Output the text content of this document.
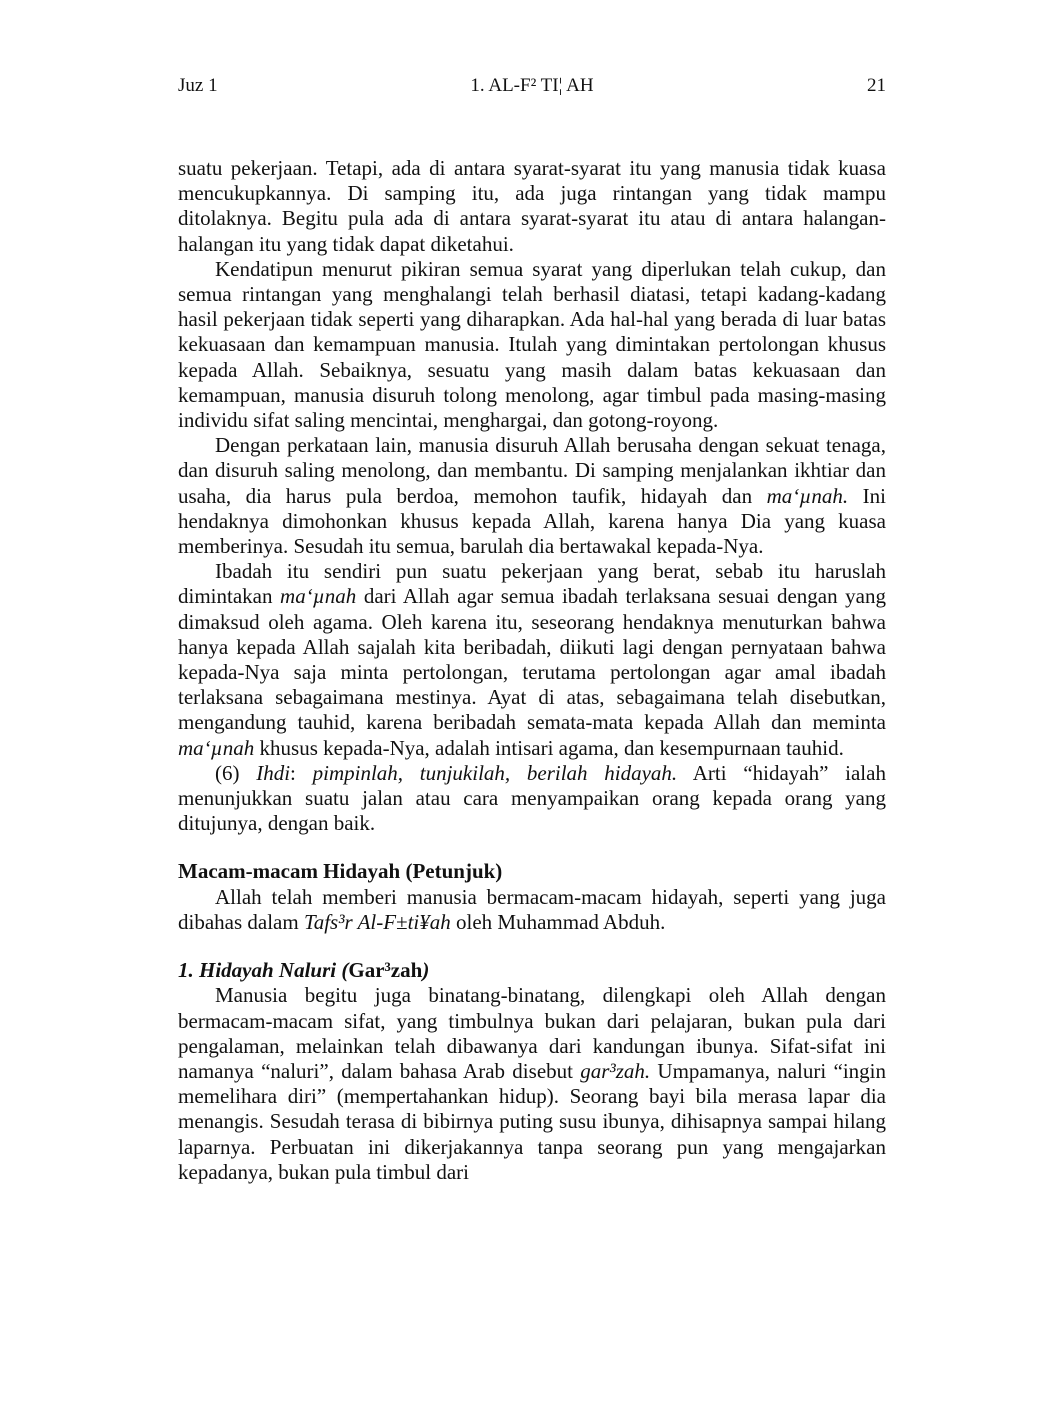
Juz 1	1. AL-F² TI¦ AH	21

suatu pekerjaan. Tetapi, ada di antara syarat-syarat itu yang manusia tidak kuasa mencukupkannya. Di samping itu, ada juga rintangan yang tidak mampu ditolaknya. Begitu pula ada di antara syarat-syarat itu atau di antara halangan-halangan itu yang tidak dapat diketahui.

Kendatipun menurut pikiran semua syarat yang diperlukan telah cukup, dan semua rintangan yang menghalangi telah berhasil diatasi, tetapi kadang-kadang hasil pekerjaan tidak seperti yang diharapkan. Ada hal-hal yang berada di luar batas kekuasaan dan kemampuan manusia. Itulah yang dimintakan pertolongan khusus kepada Allah. Sebaiknya, sesuatu yang masih dalam batas kekuasaan dan kemampuan, manusia disuruh tolong menolong, agar timbul pada masing-masing individu sifat saling mencintai, menghargai, dan gotong-royong.

Dengan perkataan lain, manusia disuruh Allah berusaha dengan sekuat tenaga, dan disuruh saling menolong, dan membantu. Di samping menjalankan ikhtiar dan usaha, dia harus pula berdoa, memohon taufik, hidayah dan ma‘µnah. Ini hendaknya dimohonkan khusus kepada Allah, karena hanya Dia yang kuasa memberinya. Sesudah itu semua, barulah dia bertawakal kepada-Nya.

Ibadah itu sendiri pun suatu pekerjaan yang berat, sebab itu haruslah dimintakan ma‘µnah dari Allah agar semua ibadah terlaksana sesuai dengan yang dimaksud oleh agama. Oleh karena itu, seseorang hendaknya menuturkan bahwa hanya kepada Allah sajalah kita beribadah, diikuti lagi dengan pernyataan bahwa kepada-Nya saja minta pertolongan, terutama pertolongan agar amal ibadah terlaksana sebagaimana mestinya. Ayat di atas, sebagaimana telah disebutkan, mengandung tauhid, karena beribadah semata-mata kepada Allah dan meminta ma‘µnah khusus kepada-Nya, adalah intisari agama, dan kesempurnaan tauhid.

(6) Ihdi: pimpinlah, tunjukilah, berilah hidayah. Arti “hidayah” ialah menunjukkan suatu jalan atau cara menyampaikan orang kepada orang yang ditujunya, dengan baik.

Macam-macam Hidayah (Petunjuk)

Allah telah memberi manusia bermacam-macam hidayah, seperti yang juga dibahas dalam Tafs³r Al-F±ti¥ah oleh Muhammad Abduh.

1. Hidayah Naluri (Gar³zah)

Manusia begitu juga binatang-binatang, dilengkapi oleh Allah dengan bermacam-macam sifat, yang timbulnya bukan dari pelajaran, bukan pula dari pengalaman, melainkan telah dibawanya dari kandungan ibunya. Sifat-sifat ini namanya “naluri”, dalam bahasa Arab disebut gar³zah. Umpamanya, naluri “ingin memelihara diri” (mempertahankan hidup). Seorang bayi bila merasa lapar dia menangis. Sesudah terasa di bibirnya puting susu ibunya, dihisapnya sampai hilang laparnya. Perbuatan ini dikerjakannya tanpa seorang pun yang mengajarkan kepadanya, bukan pula timbul dari
